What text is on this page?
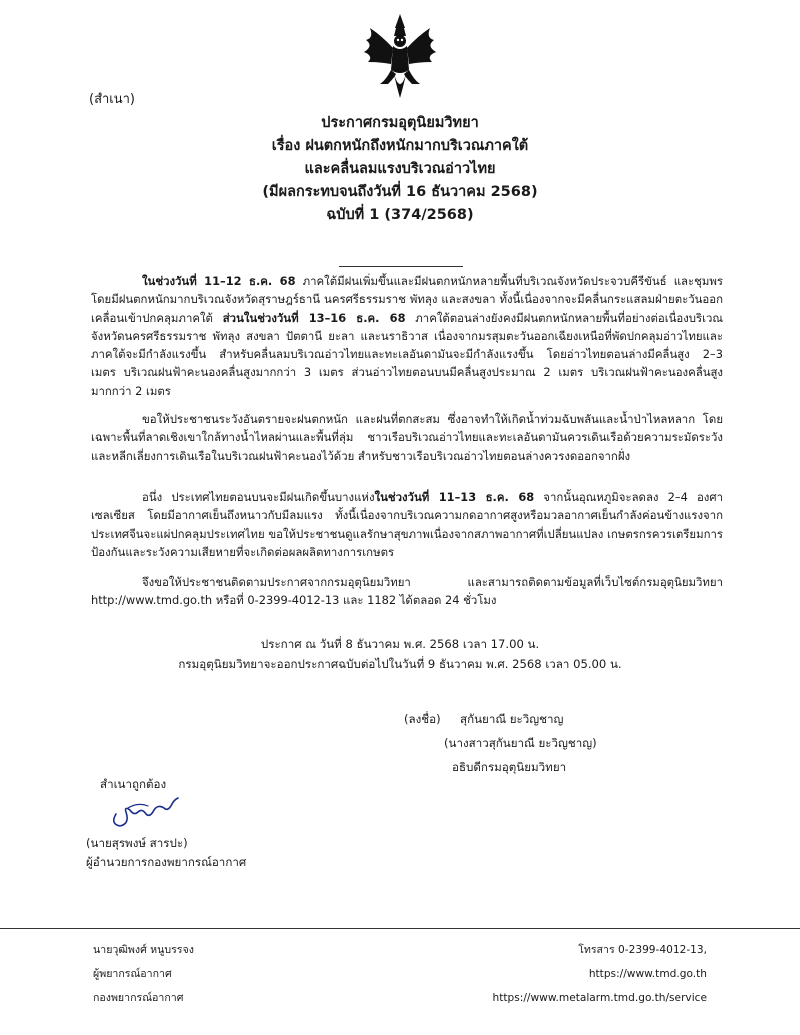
(สำเนา)
ประกาศกรมอุตุนิยมวิทยา
เรื่อง ฝนตกหนักถึงหนักมากบริเวณภาคใต้
และคลื่นลมแรงบริเวณอ่าวไทย
(มีผลกระทบจนถึงวันที่ 16 ธันวาคม 2568)
ฉบับที่ 1 (374/2568)
ในช่วงวันที่ 11–12 ธ.ค. 68 ภาคใต้มีฝนเพิ่มขึ้นและมีฝนตกหนักหลายพื้นที่บริเวณจังหวัดประจวบคีรีขันธ์ และชุมพร โดยมีฝนตกหนักมากบริเวณจังหวัดสุราษฎร์ธานี นครศรีธรรมราช พัทลุง และสงขลา ทั้งนี้เนื่องจากจะมีคลื่นกระแสลมฝ่ายตะวันออกเคลื่อนเข้าปกคลุมภาคใต้ ส่วนในช่วงวันที่ 13–16 ธ.ค. 68 ภาคใต้ตอนล่างยังคงมีฝนตกหนักหลายพื้นที่อย่างต่อเนื่องบริเวณจังหวัดนครศรีธรรมราช พัทลุง สงขลา ปัตตานี ยะลา และนราธิวาส เนื่องจากมรสุมตะวันออกเฉียงเหนือที่พัดปกคลุมอ่าวไทยและภาคใต้จะมีกำลังแรงขึ้น สำหรับคลื่นลมบริเวณอ่าวไทยและทะเลอันดามันจะมีกำลังแรงขึ้น โดยอ่าวไทยตอนล่างมีคลื่นสูง 2–3 เมตร บริเวณฝนฟ้าคะนองคลื่นสูงมากกว่า 3 เมตร ส่วนอ่าวไทยตอนบนมีคลื่นสูงประมาณ 2 เมตร บริเวณฝนฟ้าคะนองคลื่นสูงมากกว่า 2 เมตร
ขอให้ประชาชนระวังอันตรายจะฝนตกหนัก และฝนที่ตกสะสม ซึ่งอาจทำให้เกิดน้ำท่วมฉับพลันและน้ำป่าไหลหลาก โดยเฉพาะพื้นที่ลาดเชิงเขาใกล้ทางน้ำไหลผ่านและพื้นที่ลุ่ม ชาวเรือบริเวณอ่าวไทยและทะเลอันดามันควรเดินเรือด้วยความระมัดระวัง และหลีกเลี่ยงการเดินเรือในบริเวณฝนฟ้าคะนองไว้ด้วย สำหรับชาวเรือบริเวณอ่าวไทยตอนล่างควรงดออกจากฝั่ง
อนึ่ง ประเทศไทยตอนบนจะมีฝนเกิดขึ้นบางแห่งในช่วงวันที่ 11–13 ธ.ค. 68 จากนั้นอุณหภูมิจะลดลง 2–4 องศาเซลเซียส โดยมีอากาศเย็นถึงหนาวกับมีลมแรง ทั้งนี้เนื่องจากบริเวณความกดอากาศสูงหรือมวลอากาศเย็นกำลังค่อนข้างแรงจากประเทศจีนจะแผ่ปกคลุมประเทศไทย ขอให้ประชาชนดูแลรักษาสุขภาพเนื่องจากสภาพอากาศที่เปลี่ยนแปลง เกษตรกรควรเตรียมการป้องกันและระวังความเสียหายที่จะเกิดต่อผลผลิตทางการเกษตร
จึงขอให้ประชาชนติดตามประกาศจากกรมอุตุนิยมวิทยา และสามารถติดตามข้อมูลที่เว็บไซต์กรมอุตุนิยมวิทยา http://www.tmd.go.th หรือที่ 0-2399-4012-13 และ 1182 ได้ตลอด 24 ชั่วโมง
ประกาศ ณ วันที่ 8 ธันวาคม พ.ศ. 2568 เวลา 17.00 น.
กรมอุตุนิยมวิทยาจะออกประกาศฉบับต่อไปในวันที่ 9 ธันวาคม พ.ศ. 2568 เวลา 05.00 น.
(ลงชื่อ) สุกันยาณี ยะวิญชาญ
(นางสาวสุกันยาณี ยะวิญชาญ)
อธิบดีกรมอุตุนิยมวิทยา
สำเนาถูกต้อง
(นายสุรพงษ์ สารปะ)
ผู้อำนวยการกองพยากรณ์อากาศ
นายวุฒิพงศ์ หนูบรรจง
ผู้พยากรณ์อากาศ
กองพยากรณ์อากาศ
โทรสาร 0-2399-4012-13, https://www.tmd.go.th
https://www.metalarm.tmd.go.th/service
